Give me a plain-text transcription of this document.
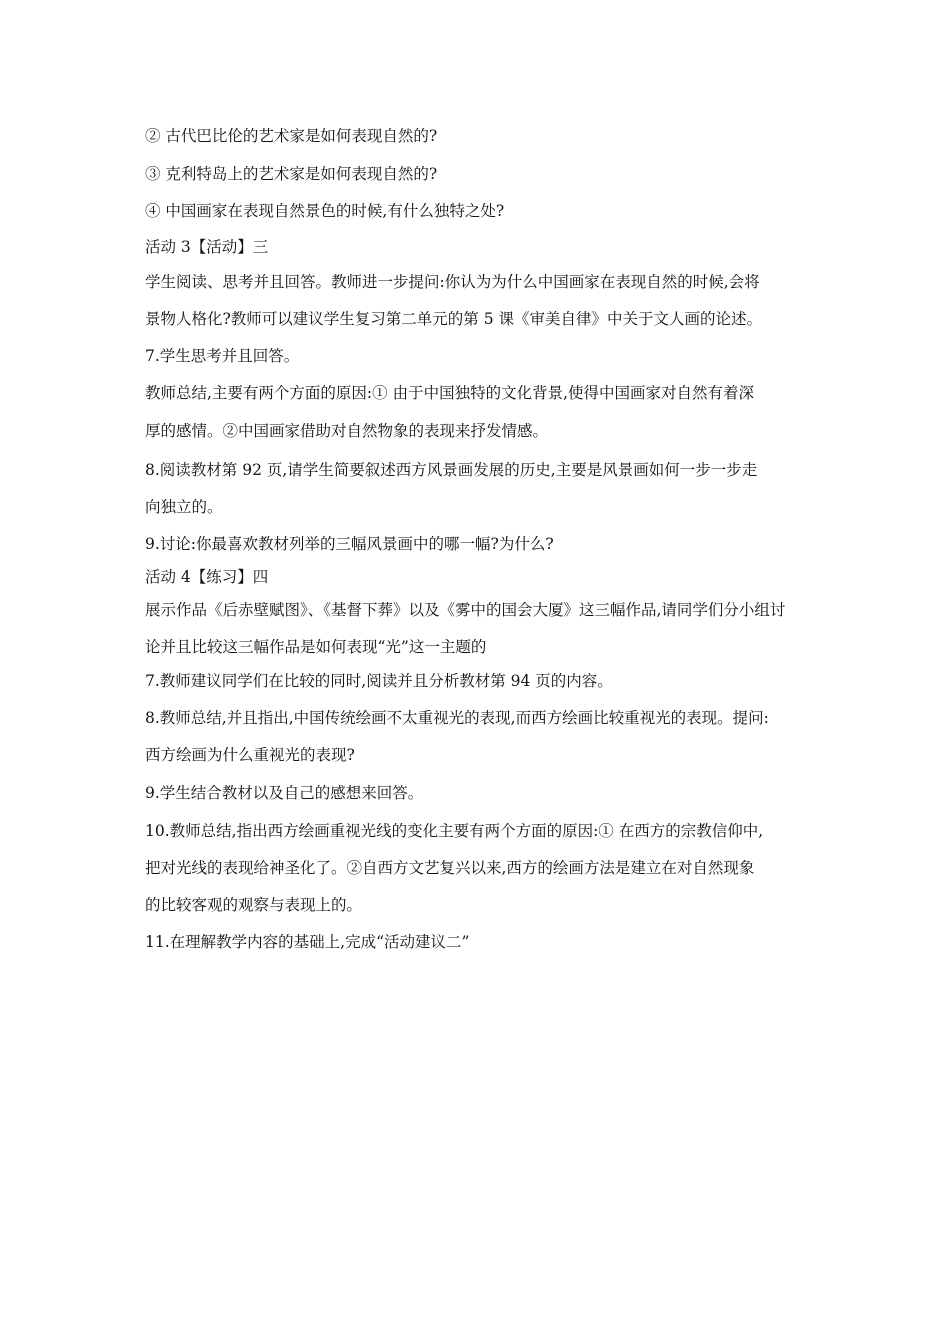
② 古代巴比伦的艺术家是如何表现自然的?
③ 克利特岛上的艺术家是如何表现自然的?
④ 中国画家在表现自然景色的时候,有什么独特之处?
活动 3【活动】三
学生阅读、思考并且回答。教师进一步提问:你认为为什么中国画家在表现自然的时候,会将
景物人格化?教师可以建议学生复习第二单元的第 5 课《审美自律》中关于文人画的论述。
7.学生思考并且回答。
教师总结,主要有两个方面的原因:① 由于中国独特的文化背景,使得中国画家对自然有着深
厚的感情。②中国画家借助对自然物象的表现来抒发情感。
8.阅读教材第 92 页,请学生简要叙述西方风景画发展的历史,主要是风景画如何一步一步走
向独立的。
9.讨论:你最喜欢教材列举的三幅风景画中的哪一幅?为什么?
活动 4【练习】四
展示作品《后赤壁赋图》、《基督下葬》以及《雾中的国会大厦》这三幅作品,请同学们分小组讨
论并且比较这三幅作品是如何表现“光”这一主题的
7.教师建议同学们在比较的同时,阅读并且分析教材第 94 页的内容。
8.教师总结,并且指出,中国传统绘画不太重视光的表现,而西方绘画比较重视光的表现。提问:
西方绘画为什么重视光的表现?
9.学生结合教材以及自己的感想来回答。
10.教师总结,指出西方绘画重视光线的变化主要有两个方面的原因:① 在西方的宗教信仰中,
把对光线的表现给神圣化了。②自西方文艺复兴以来,西方的绘画方法是建立在对自然现象
的比较客观的观察与表现上的。
11.在理解教学内容的基础上,完成“活动建议二”
